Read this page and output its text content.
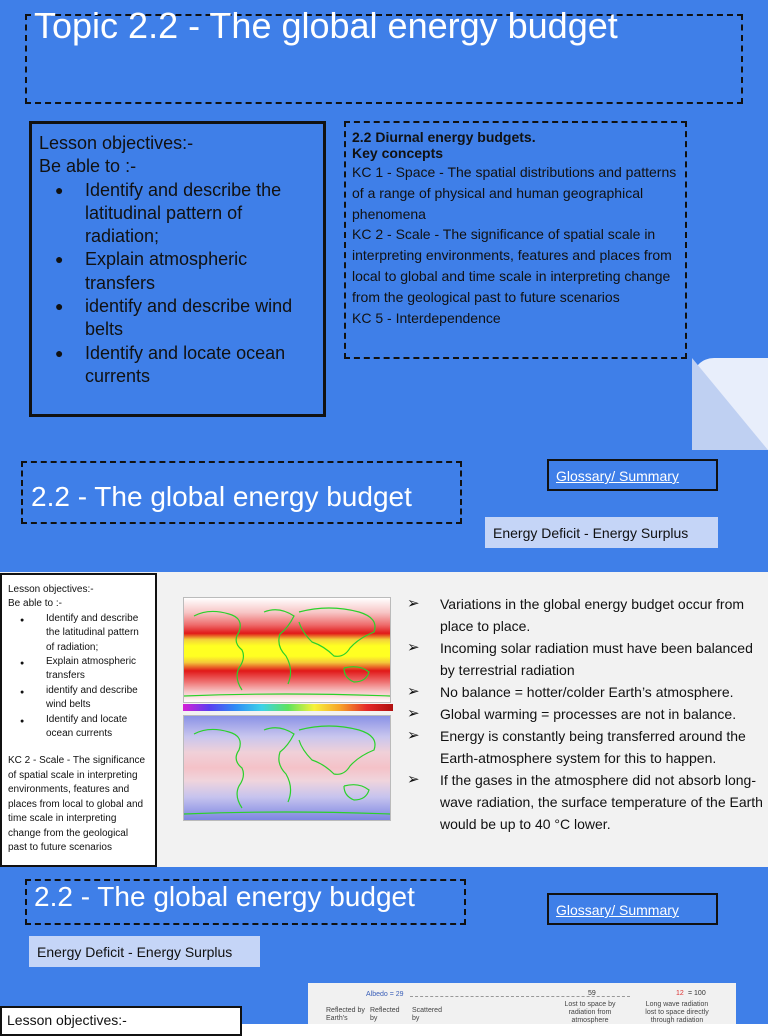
Topic 2.2 - The global energy budget
Lesson objectives:-
Be able to :-
● Identify and describe the latitudinal pattern of radiation;
● Explain atmospheric transfers
● identify and describe wind belts
● Identify and locate ocean currents
2.2 Diurnal energy budgets.
Key concepts
KC 1 - Space - The spatial distributions and patterns of a range of physical and human geographical phenomena
KC 2 - Scale - The significance of spatial scale in interpreting environments, features and places from local to global and time scale in interpreting change from the geological past to future scenarios
KC 5 - Interdependence
2.2 - The global energy budget
Glossary/ Summary
Energy Deficit - Energy Surplus
Lesson objectives:-
Be able to :-
● Identify and describe the latitudinal pattern of radiation;
● Explain atmospheric transfers
● identify and describe wind belts
● Identify and locate ocean currents
KC 2 - Scale - The significance of spatial scale in interpreting environments, features and places from local to global and time scale in interpreting change from the geological past to future scenarios
➢ Variations in the global energy budget occur from place to place.
➢ Incoming solar radiation must have been balanced by terrestrial radiation
➢ No balance = hotter/colder Earth’s atmosphere.
➢ Global warming = processes are not in balance.
➢ Energy is constantly being transferred around the Earth-atmosphere system for this to happen.
➢ If the gases in the atmosphere did not absorb long-wave radiation, the surface temperature of the Earth would be up to 40 °C lower.
2.2 - The global energy budget	Glossary/ Summary
Energy Deficit - Energy Surplus
Lesson objectives:-
Albedo = 29	59	12 = 100
Reflected by Earth's
Reflected by
Scattered by
Lost to space by radiation from atmosphere
Long wave radiation lost to space directly through radiation
